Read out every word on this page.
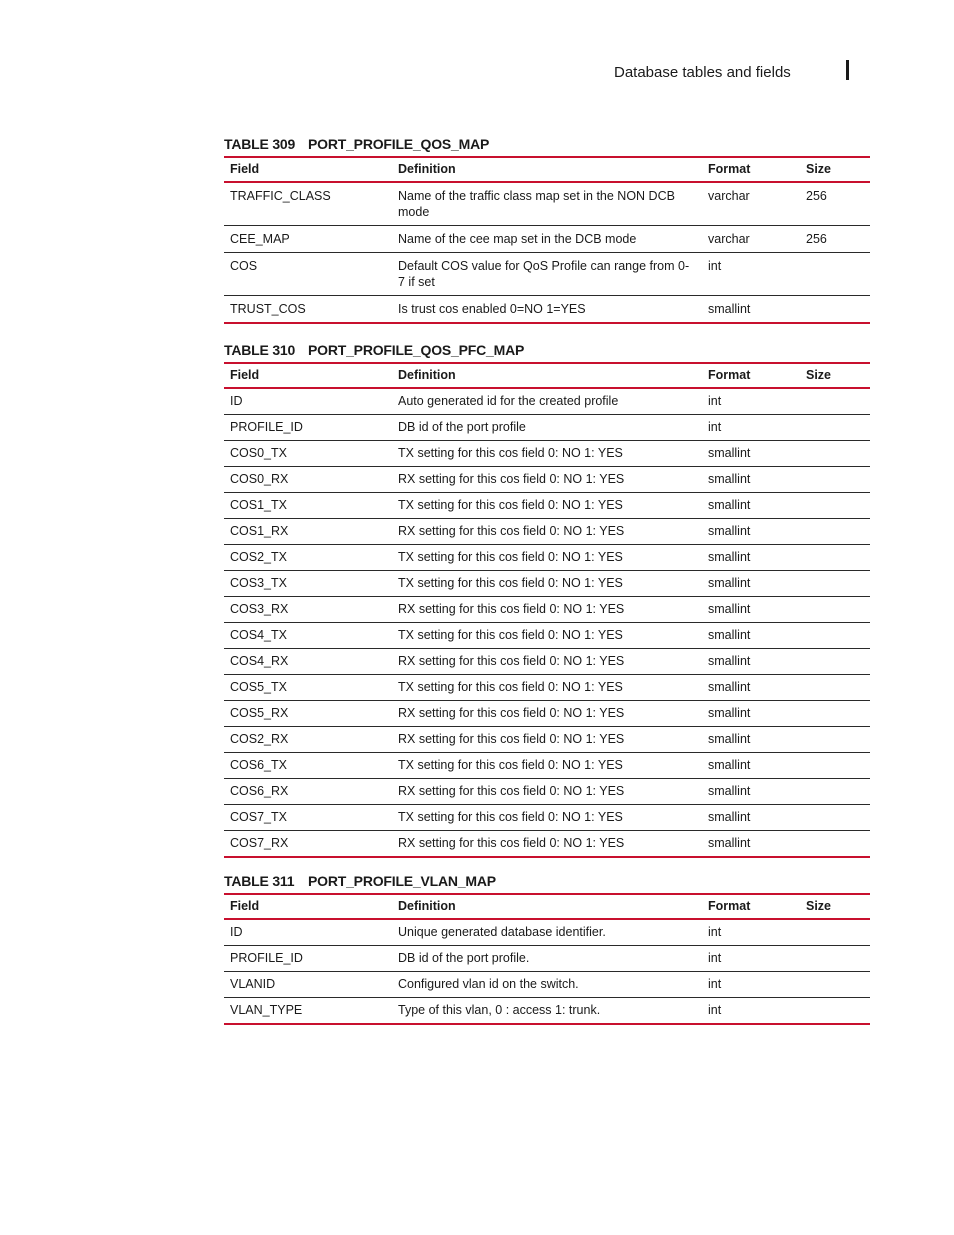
Database tables and fields
TABLE 309 PORT_PROFILE_QOS_MAP
Field	Definition	Format	Size
TRAFFIC_CLASS	Name of the traffic class map set in the NON DCB mode	varchar	256
CEE_MAP	Name of the cee map set in the DCB mode	varchar	256
COS	Default COS value for QoS Profile can range from 0-7 if set	int	
TRUST_COS	Is trust cos enabled 0=NO 1=YES	smallint	
TABLE 310 PORT_PROFILE_QOS_PFC_MAP
Field	Definition	Format	Size
ID	Auto generated id for the created profile	int	
PROFILE_ID	DB id of the port profile	int	
COS0_TX	TX setting for this cos field 0: NO 1: YES	smallint	
COS0_RX	RX setting for this cos field 0: NO 1: YES	smallint	
COS1_TX	TX setting for this cos field 0: NO 1: YES	smallint	
COS1_RX	RX setting for this cos field 0: NO 1: YES	smallint	
COS2_TX	TX setting for this cos field 0: NO 1: YES	smallint	
COS3_TX	TX setting for this cos field 0: NO 1: YES	smallint	
COS3_RX	RX setting for this cos field 0: NO 1: YES	smallint	
COS4_TX	TX setting for this cos field 0: NO 1: YES	smallint	
COS4_RX	RX setting for this cos field 0: NO 1: YES	smallint	
COS5_TX	TX setting for this cos field 0: NO 1: YES	smallint	
COS5_RX	RX setting for this cos field 0: NO 1: YES	smallint	
COS2_RX	RX setting for this cos field 0: NO 1: YES	smallint	
COS6_TX	TX setting for this cos field 0: NO 1: YES	smallint	
COS6_RX	RX setting for this cos field 0: NO 1: YES	smallint	
COS7_TX	TX setting for this cos field 0: NO 1: YES	smallint	
COS7_RX	RX setting for this cos field 0: NO 1: YES	smallint	
TABLE 311 PORT_PROFILE_VLAN_MAP
Field	Definition	Format	Size
ID	Unique generated database identifier.	int	
PROFILE_ID	DB id of the port profile.	int	
VLANID	Configured vlan id on the switch.	int	
VLAN_TYPE	Type of this vlan, 0 : access 1: trunk.	int	
